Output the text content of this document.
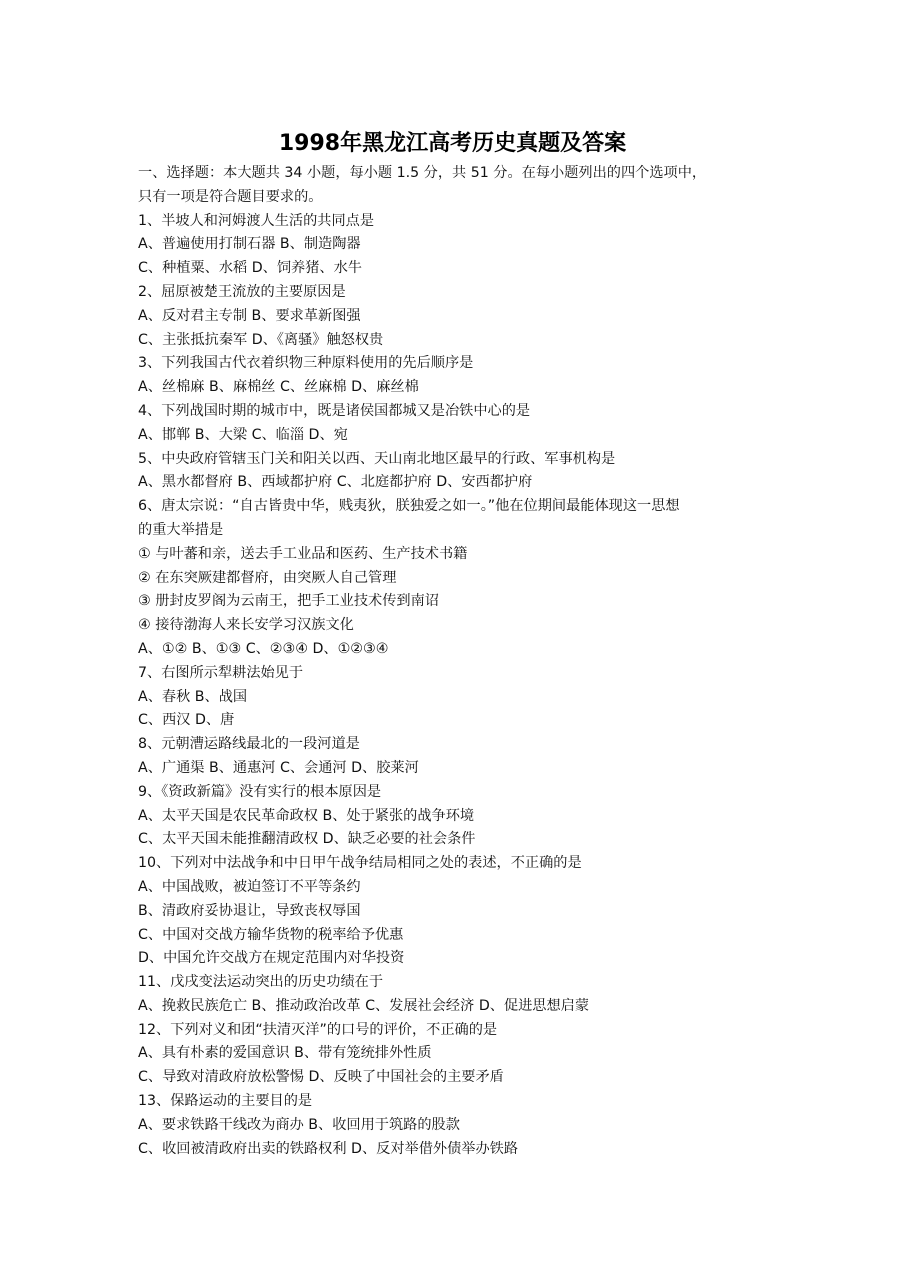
1998年黑龙江高考历史真题及答案
一、选择题：本大题共 34 小题，每小题 1.5 分，共 51 分。在每小题列出的四个选项中，
只有一项是符合题目要求的。
1、半坡人和河姆渡人生活的共同点是
A、普遍使用打制石器 B、制造陶器
C、种植粟、水稻 D、饲养猪、水牛
2、屈原被楚王流放的主要原因是
A、反对君主专制 B、要求革新图强
C、主张抵抗秦军 D、《离骚》触怒权贵
3、下列我国古代衣着织物三种原料使用的先后顺序是
A、丝棉麻 B、麻棉丝 C、丝麻棉 D、麻丝棉
4、下列战国时期的城市中，既是诸侯国都城又是冶铁中心的是
A、邯郸 B、大梁 C、临淄 D、宛
5、中央政府管辖玉门关和阳关以西、天山南北地区最早的行政、军事机构是
A、黑水都督府 B、西域都护府 C、北庭都护府 D、安西都护府
6、唐太宗说：“自古皆贵中华，贱夷狄，朕独爱之如一。”他在位期间最能体现这一思想
的重大举措是
① 与叶蕃和亲，送去手工业品和医药、生产技术书籍
② 在东突厥建都督府，由突厥人自己管理
③ 册封皮罗阁为云南王，把手工业技术传到南诏
④ 接待渤海人来长安学习汉族文化
A、①② B、①③ C、②③④ D、①②③④
7、右图所示犁耕法始见于
A、春秋 B、战国
C、西汉 D、唐
8、元朝漕运路线最北的一段河道是
A、广通渠 B、通惠河 C、会通河 D、胶莱河
9、《资政新篇》没有实行的根本原因是
A、太平天国是农民革命政权 B、处于紧张的战争环境
C、太平天国未能推翻清政权 D、缺乏必要的社会条件
10、下列对中法战争和中日甲午战争结局相同之处的表述，不正确的是
A、中国战败，被迫签订不平等条约
B、清政府妥协退让，导致丧权辱国
C、中国对交战方输华货物的税率给予优惠
D、中国允许交战方在规定范围内对华投资
11、戊戌变法运动突出的历史功绩在于
A、挽救民族危亡 B、推动政治改革 C、发展社会经济 D、促进思想启蒙
12、下列对义和团“扶清灭洋”的口号的评价，不正确的是
A、具有朴素的爱国意识 B、带有笼统排外性质
C、导致对清政府放松警惕 D、反映了中国社会的主要矛盾
13、保路运动的主要目的是
A、要求铁路干线改为商办 B、收回用于筑路的股款
C、收回被清政府出卖的铁路权利 D、反对举借外债举办铁路
